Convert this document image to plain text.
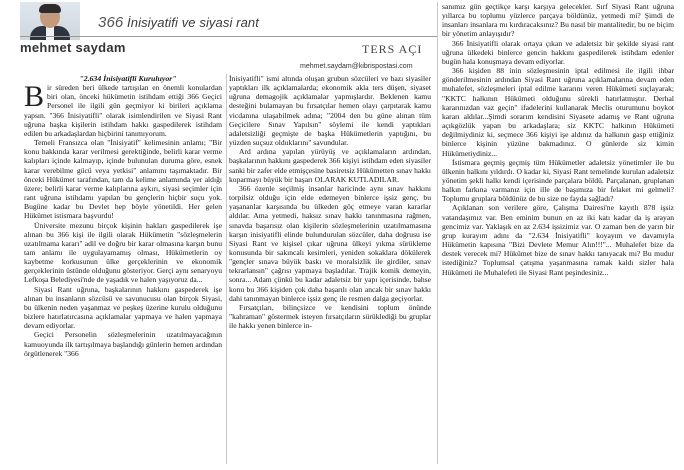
366 İnisiyatifi ve siyasi rant
mehmet saydam	TERS AÇI
mehmet.saydam@kibrispostasi.com

"2.634 İnisiyatifli Kuruluyor"

Bir süreden beri ülkede tartışılan en önemli konulardan biri olan, önceki hükümetin istihdam ettiği 366 Geçici Personel ile ilgili gün geçmiyor ki birileri açıklama yapsın. "366 İnisiyatifli" olarak isimlendirilen ve Siyasi Rant uğruna başka kişilerin istihdam hakkı gaspedilerek istihdam edilen bu arkadaşlardan hiçbirini tanımıyorum.

Temeli Fransızca olan "İnisiyatif" kelimesinin anlamı; "Bir konu hakkında karar verilmesi gerektiğinde, belirli karar verme kalıpları içinde kalmayıp, içinde bulunulan duruma göre, esnek karar verebilme gücü veya yetkisi" anlamını taşımaktadır. Bir önceki Hükümet tarafından, tam da kelime anlamında yer aldığı üzere; belirli karar verme kalıplarına aykırı, siyasi seçimler için rant uğruna istihdamı yapılan bu gençlerin hiçbir suçu yok. Bugüne kadar bu Devlet hep böyle yönetildi. Her gelen Hükümet istismara başvurdu!

Üniversite mezunu birçok kişinin hakları gaspedilerek işe alınan bu 366 kişi ile ilgili olarak Hükümetin "sözleşmelerin uzatılmama kararı" adil ve doğru bir karar olmasına karşın bunu tam anlamı ile uygulayamamış olması, Hükümetlerin oy kaybetme korkusunun ülke gerçeklerinin ve ekonomik gerçeklerinin üstünde olduğunu gösteriyor. Gerçi aynı senaryoyu Lefkoşa Belediyesi'nde de yaşadık ve halen yaşıyoruz da...

Siyasi Rant uğruna, başkalarının hakkını gaspederek işe alınan bu insanların sözcüsü ve savunucusu olan birçok Siyasi, bu ülkenin neden yaşanmaz ve peşkeş üzerine kurulu olduğunu bizlere hatırlatırcasına açıklamalar yapmaya ve halen yapmaya devam ediyorlar.

Geçici Personelin sözleşmelerinin uzatılmayacağının kamuoyunda ilk tartışılmaya başlandığı günlerin hemen ardından örgütlenerek "366

İnisiyatifli" ismi altında oluşan grubun sözcüleri ve bazı siyasiler yaptıkları ilk açıklamalarda; ekonomik akla ters düşen, siyaset uğruna demagojik açıklamalar yapmışlardır. Beklenen kamu desteğini bulamayan bu fırsatçılar hemen olayı çarpıtarak kamu vicdanına ulaşabilmek adına; "2004 den bu güne alınan tüm Geçicilere Sınav Yapılsın" söylemi ile kendi yaptıkları adaletsizliği geçmişte de başka Hükümetlerin yaptığını, bu yüzden suçsuz olduklarını" savundular.

Ard ardına yapılan yürüyüş ve açıklamaların ardından, başkalarının hakkını gaspederek 366 kişiyi istihdam eden siyasiler sanki bir zafer elde etmişçesine basiretsiz Hükümetten sınav hakkı koparmayı büyük bir başarı OLARAK KUTLADILAR.

366 özenle seçilmiş insanlar haricinde aynı sınav hakkını torpilsiz olduğu için elde edemeyen binlerce işsiz genç, bu yaşananlar karşısında bu ülkeden göç etmeye varan kararlar aldılar. Ama yetmedi, haksız sınav hakkı tanınmasına rağmen, sınavda başarısız olan kişilerin sözleşmelerinin uzatılmamasına karşın inisiyatifli elinde bulundurulan sözcüler, daha doğrusu ise Siyasi Rant ve kişisel çıkar uğruna ülkeyi yıkma sürükleme konusunda bir sakıncalı kesimleri, yeniden sokaklara dökülerek "gençler sınava büyük baskı ve moralsizlik ile girdiler, sınav tekrarlansın" çağrısı yapmaya başladılar. Trajik komik demeyin, sonra... Adam çünkü bu kadar adaletsiz bir yapı içerisinde, bahse konu bu 366 kişiden çok daha başarılı olan ancak bir sınav hakkı dahi tanınmayan binlerce işsiz genç ile resmen dalga geçiyorlar.

Fırsatçıları, bilinçsizce ve kendisini toplum önünde "kahraman" göstermek isteyen fırsatçıların sürüklediği bu gruplar ile hakkı yenen binlerce in-

sanımız gün geçtikçe karşı karşıya gelecekler. Sırf Siyasi Rant uğruna yıllarca bu toplumu yüzlerce parçaya böldünüz, yetmedi mi? Şimdi de insanları insanlara mı kırdıracaksınız? Bu nasıl bir mantalitedir, bu ne biçim bir yönetim anlayışıdır?

366 İnisiyatifli olarak ortaya çıkan ve adaletsiz bir şekilde siyasi rant uğruna ülkedeki binlerce gencin hakkını gaspedilerek istihdam edenler bugün hala konuşmaya devam ediyorlar.

366 kişiden 88 inin sözleşmesinin iptal edilmesi ile ilgili ihbar gönderilmesinin ardından Siyasi Rant uğruna açıklamalarına devam eden muhalefet, sözleşmeleri iptal edilme kararını veren Hükümeti suçlayarak; "KKTC halkının Hükümeti olduğunu sürekli hatırlatmıştır. Derhal kararınızdan vaz geçin" ifadelerini kullanarak Meclis oturumunu boykot kararı aldılar...Şimdi sorarım kendisini Siyasete adamış ve Rant uğruna açıkgözlük yapan bu arkadaşlara; siz KKTC halkının Hükümeti değilmiydiniz ki, seçmece 366 kişiyi işe aldınız da halkının gasp ettiğiniz binlerce kişinin yüzüne bakmadınız. O günlerde siz kimin Hükümetiydiniz...

İstismara geçmiş geçmiş tüm Hükümetler adaletsiz yönetimler ile bu ülkenin halkını yıldırdı. O kadar ki, Siyasi Rant temelinde kurulan adaletsiz yönetim şekli halkı kendi içerisinde parçalara böldü. Parçalanan, gruplanan halkın farkına varmanız için ille de başımıza bir felaket mi gelmeli? Toplumu gruplara böldünüz de bu size ne fayda sağladı?

Açıklanan son verilere göre, Çalışma Dairesi'ne kayıtlı 878 işsiz vatandaşımız var. Ben eminim bunun en az iki katı kadar da iş arayan gencimiz var. Yaklaşık en az 2.634 işsizimiz var. O zaman ben de yarın bir grup kurayım adını da "2.634 İnisiyatifli" koyayım ve davamıyla Hükümetin kapısına "Bizi Devlete Memur Alın!!!"... Muhalefet bize da destek verecek mi? Hükümet bize de sınav hakkı tanıyacak mı? Bu mudur istediğiniz? Toplumsal çatışma yaşanmasına ramak kaldı sizler hala Hükümeti ile Muhalefeti ile Siyasi Rant peşindesiniz...
